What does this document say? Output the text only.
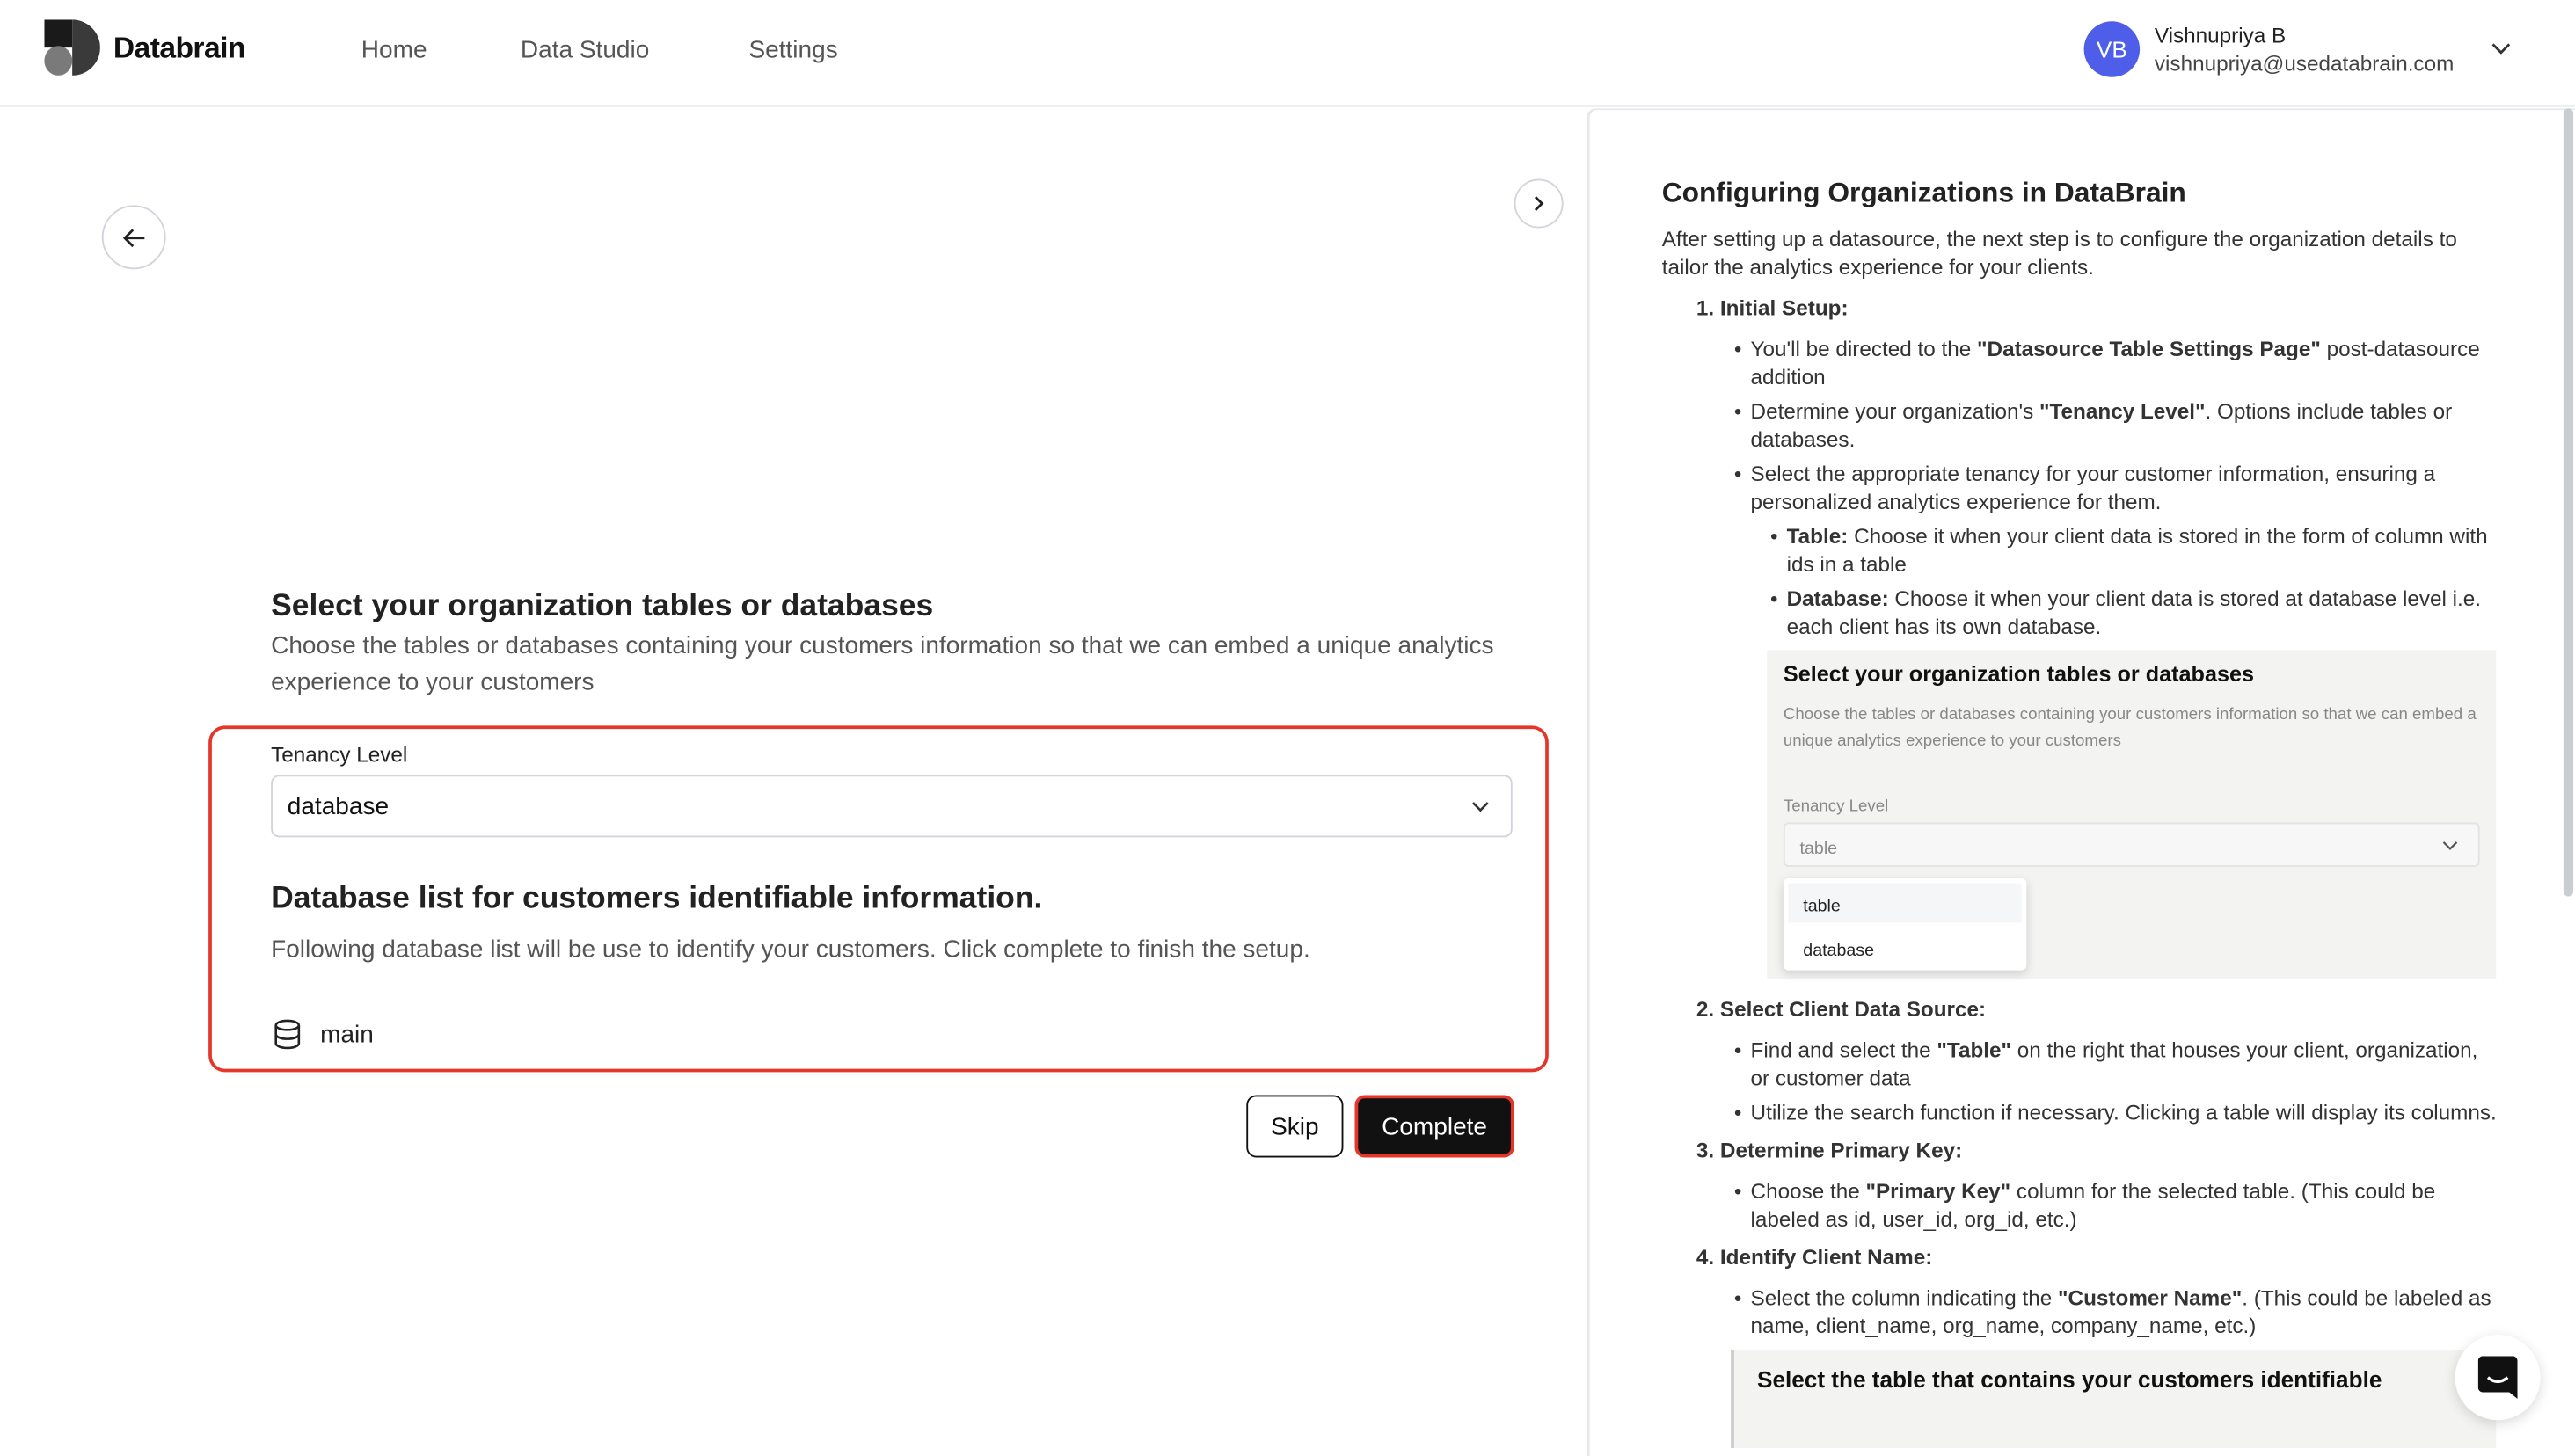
Databrain	Home	Data Studio	Settings	VB
Vishnupriya B
vishnupriya@usedatabrain.com
Select your organization tables or databases
Choose the tables or databases containing your customers information so that we can embed a unique analytics experience to your customers
Tenancy Level
database
Database list for customers identifiable information.
Following database list will be use to identify your customers. Click complete to finish the setup.
main
Skip	Complete
Configuring Organizations in DataBrain

After setting up a datasource, the next step is to configure the organization details to tailor the analytics experience for your clients.

1. Initial Setup:

• You'll be directed to the "Datasource Table Settings Page" post-datasource addition
• Determine your organization's "Tenancy Level". Options include tables or databases.
• Select the appropriate tenancy for your customer information, ensuring a personalized analytics experience for them.
• Table: Choose it when your client data is stored in the form of column with ids in a table
• Database: Choose it when your client data is stored at database level i.e. each client has its own database.
Select your organization tables or databases
Choose the tables or databases containing your customers information so that we can embed a unique analytics experience to your customers
Tenancy Level
table
table
database

2. Select Client Data Source:

• Find and select the "Table" on the right that houses your client, organization, or customer data
• Utilize the search function if necessary. Clicking a table will display its columns.

3. Determine Primary Key:

• Choose the "Primary Key" column for the selected table. (This could be labeled as id, user_id, org_id, etc.)

4. Identify Client Name:

• Select the column indicating the "Customer Name". (This could be labeled as name, client_name, org_name, company_name, etc.)
Select the table that contains your customers identifiable
